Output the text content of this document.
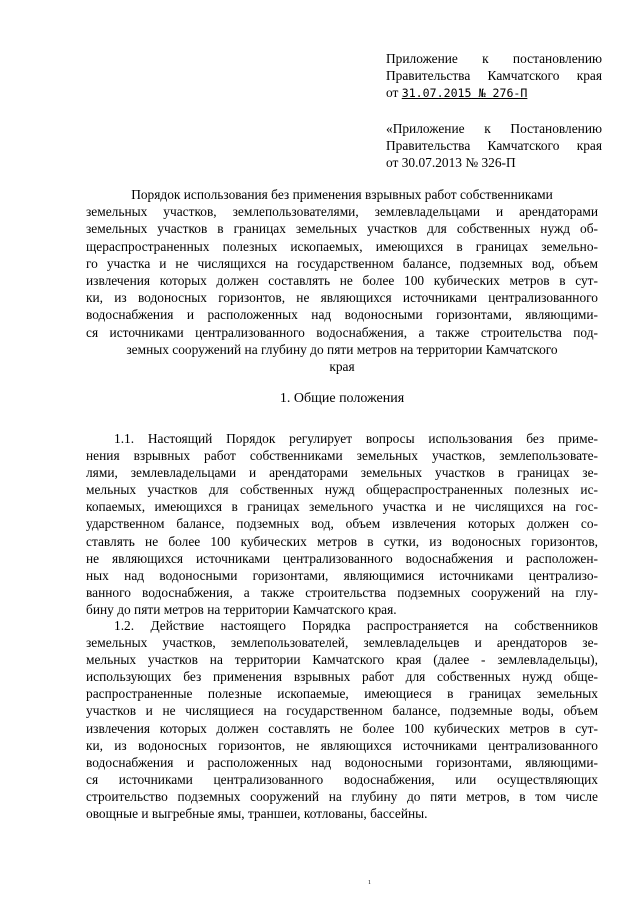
Приложение к постановлению
Правительства Камчатского края
от 31.07.2015 № 276-П
«Приложение к Постановлению
Правительства Камчатского края
от 30.07.2013 № 326-П
Порядок использования без применения взрывных работ собственниками
земельных участков, землепользователями, землевладельцами и арендаторами
земельных участков в границах земельных участков для собственных нужд об-
щераспространенных полезных ископаемых, имеющихся в границах земельно-
го участка и не числящихся на государственном балансе, подземных вод, объем
извлечения которых должен составлять не более 100 кубических метров в сут-
ки, из водоносных горизонтов, не являющихся источниками централизованного
водоснабжения и расположенных над водоносными горизонтами, являющими-
ся источниками централизованного водоснабжения, а также строительства под-
земных сооружений на глубину до пяти метров на территории Камчатского
края
1. Общие положения
1.1. Настоящий Порядок регулирует вопросы использования без приме-
нения взрывных работ собственниками земельных участков, землепользовате-
лями, землевладельцами и арендаторами земельных участков в границах зе-
мельных участков для собственных нужд общераспространенных полезных ис-
копаемых, имеющихся в границах земельного участка и не числящихся на гос-
ударственном балансе, подземных вод, объем извлечения которых должен со-
ставлять не более 100 кубических метров в сутки, из водоносных горизонтов,
не являющихся источниками централизованного водоснабжения и расположен-
ных над водоносными горизонтами, являющимися источниками централизо-
ванного водоснабжения, а также строительства подземных сооружений на глу-
бину до пяти метров на территории Камчатского края.
1.2. Действие настоящего Порядка распространяется на собственников
земельных участков, землепользователей, землевладельцев и арендаторов зе-
мельных участков на территории Камчатского края (далее - землевладельцы),
использующих без применения взрывных работ для собственных нужд обще-
распространенные полезные ископаемые, имеющиеся в границах земельных
участков и не числящиеся на государственном балансе, подземные воды, объем
извлечения которых должен составлять не более 100 кубических метров в сут-
ки, из водоносных горизонтов, не являющихся источниками централизованного
водоснабжения и расположенных над водоносными горизонтами, являющими-
ся источниками централизованного водоснабжения, или осуществляющих
строительство подземных сооружений на глубину до пяти метров, в том числе
овощные и выгребные ямы, траншеи, котлованы, бассейны.
1
